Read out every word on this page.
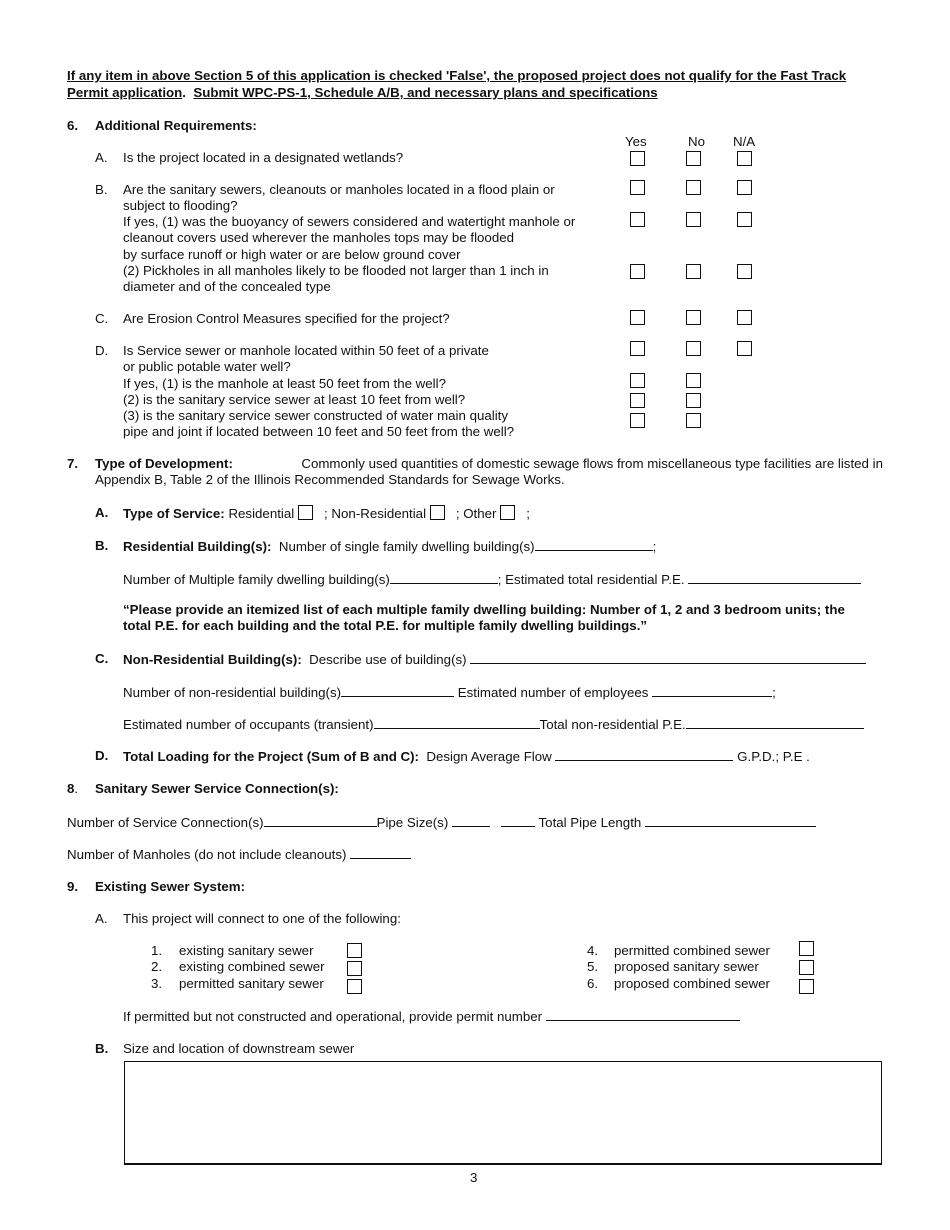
If any item in above Section 5 of this application is checked 'False', the proposed project does not qualify for the Fast Track
Permit application.  Submit WPC-PS-1, Schedule A/B, and necessary plans and specifications
6. Additional Requirements:
Yes	No N/A
A. Is the project located in a designated wetlands?
B. Are the sanitary sewers, cleanouts or manholes located in a flood plain or
subject to flooding?
If yes, (1) was the buoyancy of sewers considered and watertight manhole or
cleanout covers used wherever the manholes tops may be flooded
by surface runoff or high water or are below ground cover
(2) Pickholes in all manholes likely to be flooded not larger than 1 inch in
diameter and of the concealed type
C. Are Erosion Control Measures specified for the project?
D. Is Service sewer or manhole located within 50 feet of a private
or public potable water well?
If yes, (1) is the manhole at least 50 feet from the well?
(2) is the sanitary service sewer at least 10 feet from well?
(3) is the sanitary service sewer constructed of water main quality
pipe and joint if located between 10 feet and 50 feet from the well?
7. Type of Development:	Commonly used quantities of domestic sewage flows from miscellaneous type facilities are listed in
Appendix B, Table 2 of the Illinois Recommended Standards for Sewage Works.
A. Type of Service: Residential ; Non-Residential ; Other ;
B. Residential Building(s): Number of single family dwelling building(s)	;
Number of Multiple family dwelling building(s)	; Estimated total residential P.E.
“Please provide an itemized list of each multiple family dwelling building: Number of 1, 2 and 3 bedroom units; the
total P.E. for each building and the total P.E. for multiple family dwelling buildings.”
C. Non-Residential Building(s): Describe use of building(s)
Number of non-residential building(s)	Estimated number of employees	;
Estimated number of occupants (transient)	Total non-residential P.E.
D. Total Loading for the Project (Sum of B and C): Design Average Flow	G.P.D.; P.E .
8. Sanitary Sewer Service Connection(s):
Number of Service Connection(s)	Pipe Size(s)	Total Pipe Length
Number of Manholes (do not include cleanouts)
9. Existing Sewer System:
A. This project will connect to one of the following:
1. existing sanitary sewer
2. existing combined sewer
3. permitted sanitary sewer
4. permitted combined sewer
5. proposed sanitary sewer
6. proposed combined sewer
If permitted but not constructed and operational, provide permit number
B. Size and location of downstream sewer
3
